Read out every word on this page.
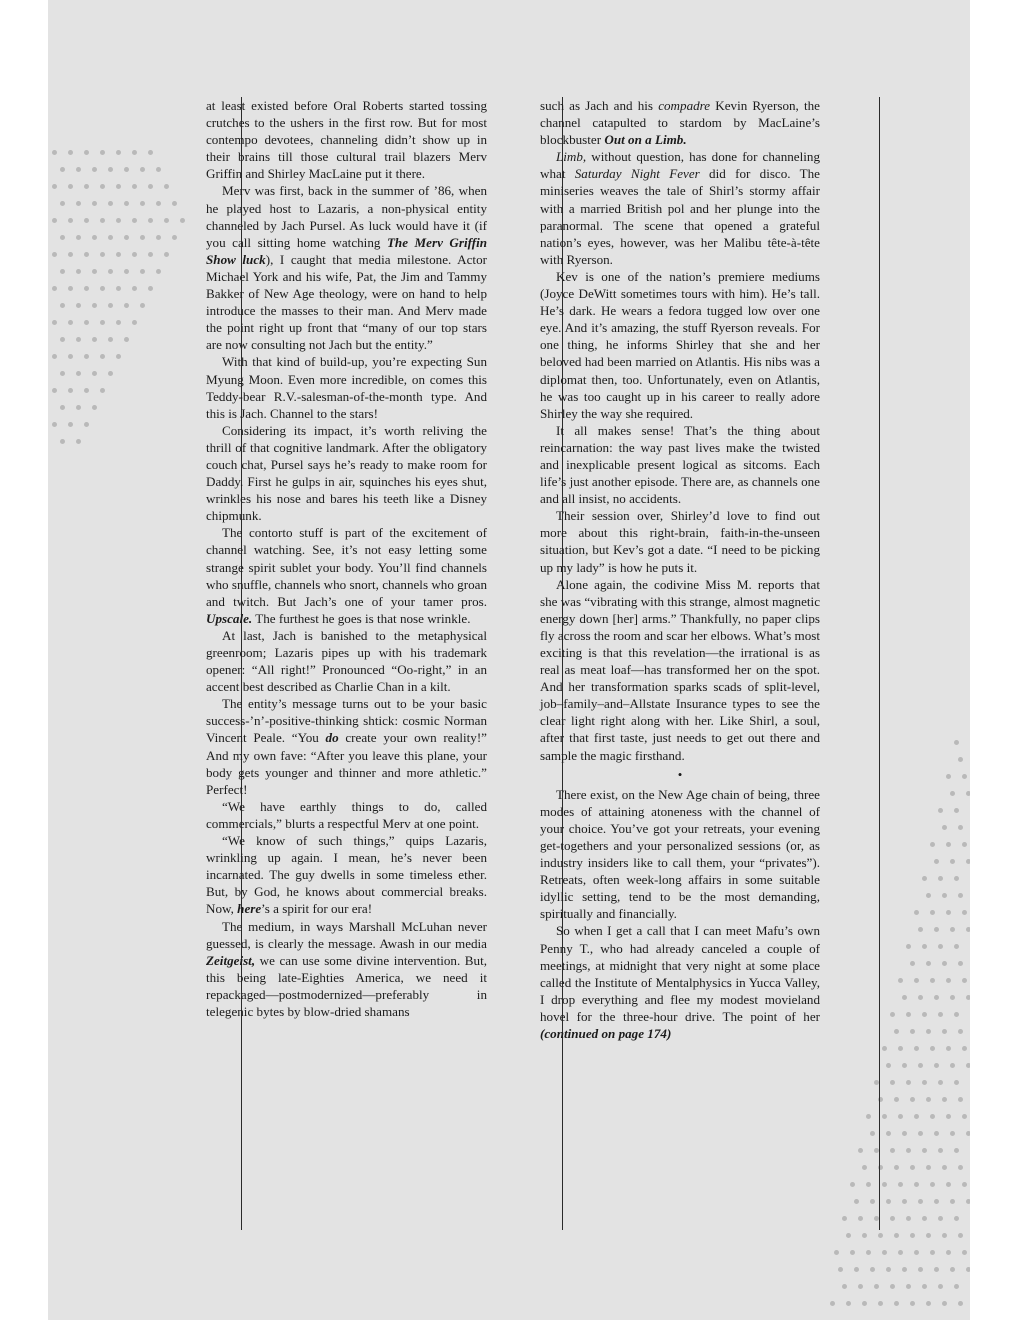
at least existed before Oral Roberts started tossing crutches to the ushers in the first row. But for most contempo devotees, channeling didn’t show up in their brains till those cultural trail blazers Merv Griffin and Shirley MacLaine put it there.

Merv was first, back in the summer of ’86, when he played host to Lazaris, a non-physical entity channeled by Jach Pursel. As luck would have it (if you call sitting home watching The Merv Griffin Show luck), I caught that media milestone. Actor Michael York and his wife, Pat, the Jim and Tammy Bakker of New Age theology, were on hand to help introduce the masses to their man. And Merv made the point right up front that “many of our top stars are now consulting not Jach but the entity.”

With that kind of build-up, you’re expecting Sun Myung Moon. Even more incredible, on comes this Teddy-bear R.V.-salesman-of-the-month type. And this is Jach. Channel to the stars!

Considering its impact, it’s worth reliving the thrill of that cognitive landmark. After the obligatory couch chat, Pursel says he’s ready to make room for Daddy. First he gulps in air, squinches his eyes shut, wrinkles his nose and bares his teeth like a Disney chipmunk.

The contorto stuff is part of the excitement of channel watching. See, it’s not easy letting some strange spirit sublet your body. You’ll find channels who snuffle, channels who snort, channels who groan and twitch. But Jach’s one of your tamer pros. Upscale. The furthest he goes is that nose wrinkle.

At last, Jach is banished to the metaphysical greenroom; Lazaris pipes up with his trademark opener: “All right!” Pronounced “Oo-right,” in an accent best described as Charlie Chan in a kilt.

The entity’s message turns out to be your basic success-’n’-positive-thinking shtick: cosmic Norman Vincent Peale. “You do create your own reality!” And my own fave: “After you leave this plane, your body gets younger and thinner and more athletic.” Perfect!

“We have earthly things to do, called commercials,” blurts a respectful Merv at one point.

“We know of such things,” quips Lazaris, wrinkling up again. I mean, he’s never been incarnated. The guy dwells in some timeless ether. But, by God, he knows about commercial breaks. Now, here’s a spirit for our era!

The medium, in ways Marshall McLuhan never guessed, is clearly the message. Awash in our media Zeitgeist, we can use some divine intervention. But, this being late-Eighties America, we need it repackaged—postmodernized—preferably in telegenic bytes by blow-dried shamans

such as Jach and his compadre Kevin Ryerson, the channel catapulted to stardom by MacLaine’s blockbuster Out on a Limb.

Limb, without question, has done for channeling what Saturday Night Fever did for disco. The miniseries weaves the tale of Shirl’s stormy affair with a married British pol and her plunge into the paranormal. The scene that opened a grateful nation’s eyes, however, was her Malibu tête-à-tête with Ryerson.

Kev is one of the nation’s premiere mediums (Joyce DeWitt sometimes tours with him). He’s tall. He’s dark. He wears a fedora tugged low over one eye. And it’s amazing, the stuff Ryerson reveals. For one thing, he informs Shirley that she and her beloved had been married on Atlantis. His nibs was a diplomat then, too. Unfortunately, even on Atlantis, he was too caught up in his career to really adore Shirley the way she required.

It all makes sense! That’s the thing about reincarnation: the way past lives make the twisted and inexplicable present logical as sitcoms. Each life’s just another episode. There are, as channels one and all insist, no accidents.

Their session over, Shirley’d love to find out more about this right-brain, faith-in-the-unseen situation, but Kev’s got a date. “I need to be picking up my lady” is how he puts it.

Alone again, the codivine Miss M. reports that she was “vibrating with this strange, almost magnetic energy down [her] arms.” Thankfully, no paper clips fly across the room and scar her elbows. What’s most exciting is that this revelation—the irrational is as real as meat loaf—has transformed her on the spot. And her transformation sparks scads of split-level, job–family–and–Allstate Insurance types to see the clear light right along with her. Like Shirl, a soul, after that first taste, just needs to get out there and sample the magic firsthand.

•

There exist, on the New Age chain of being, three modes of attaining atoneness with the channel of your choice. You’ve got your retreats, your evening get-togethers and your personalized sessions (or, as industry insiders like to call them, your “privates”). Retreats, often week-long affairs in some suitable idyllic setting, tend to be the most demanding, spiritually and financially.

So when I get a call that I can meet Mafu’s own Penny T., who had already canceled a couple of meetings, at midnight that very night at some place called the Institute of Mentalphysics in Yucca Valley, I drop everything and flee my modest movieland hovel for the three-hour drive. The point of her (continued on page 174)
